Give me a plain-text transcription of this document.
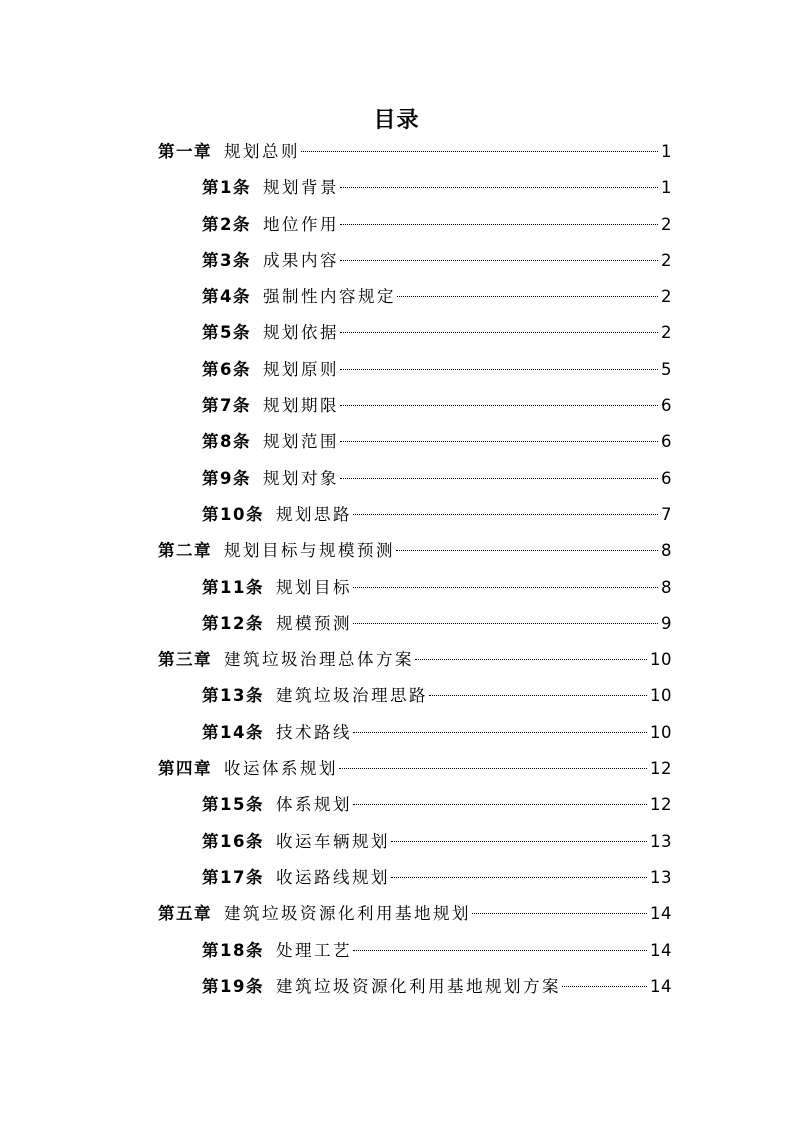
目录
第一章 规划总则	1
第1条 规划背景	1
第2条 地位作用	2
第3条 成果内容	2
第4条 强制性内容规定	2
第5条 规划依据	2
第6条 规划原则	5
第7条 规划期限	6
第8条 规划范围	6
第9条 规划对象	6
第10条 规划思路	7
第二章 规划目标与规模预测	8
第11条 规划目标	8
第12条 规模预测	9
第三章 建筑垃圾治理总体方案	10
第13条 建筑垃圾治理思路	10
第14条 技术路线	10
第四章 收运体系规划	12
第15条 体系规划	12
第16条 收运车辆规划	13
第17条 收运路线规划	13
第五章 建筑垃圾资源化利用基地规划	14
第18条 处理工艺	14
第19条 建筑垃圾资源化利用基地规划方案	14
